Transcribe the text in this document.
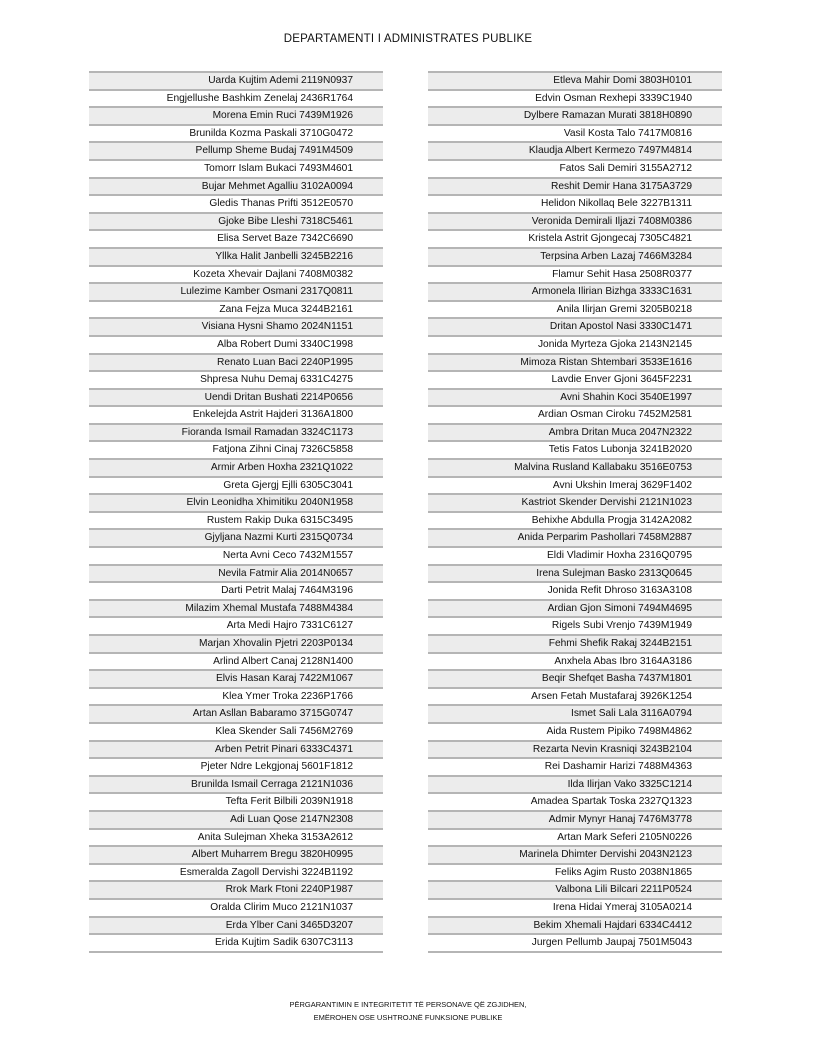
DEPARTAMENTI I ADMINISTRATES PUBLIKE
Uarda Kujtim Ademi 2119N0937
Engjellushe Bashkim Zenelaj 2436R1764
Morena Emin Ruci 7439M1926
Brunilda Kozma Paskali 3710G0472
Pellump Sheme Budaj 7491M4509
Tomorr Islam Bukaci 7493M4601
Bujar Mehmet Agalliu 3102A0094
Gledis Thanas Prifti 3512E0570
Gjoke Bibe Lleshi 7318C5461
Elisa Servet Baze 7342C6690
Yllka Halit Janbelli 3245B2216
Kozeta Xhevair Dajlani 7408M0382
Lulezime Kamber Osmani 2317Q0811
Zana Fejza Muca 3244B2161
Visiana Hysni Shamo 2024N1151
Alba Robert Dumi 3340C1998
Renato Luan Baci 2240P1995
Shpresa Nuhu Demaj 6331C4275
Uendi Dritan Bushati 2214P0656
Enkelejda Astrit Hajderi 3136A1800
Fioranda Ismail Ramadan 3324C1173
Fatjona Zihni Cinaj 7326C5858
Armir Arben Hoxha 2321Q1022
Greta Gjergj Ejlli 6305C3041
Elvin Leonidha Xhimitiku 2040N1958
Rustem Rakip Duka 6315C3495
Gjyljana Nazmi Kurti 2315Q0734
Nerta Avni Ceco 7432M1557
Nevila Fatmir Alia 2014N0657
Darti Petrit Malaj 7464M3196
Milazim Xhemal Mustafa 7488M4384
Arta Medi Hajro 7331C6127
Marjan Xhovalin Pjetri 2203P0134
Arlind Albert Canaj 2128N1400
Elvis Hasan Karaj 7422M1067
Klea Ymer Troka 2236P1766
Artan Asllan Babaramo 3715G0747
Klea Skender Sali 7456M2769
Arben Petrit Pinari 6333C4371
Pjeter Ndre Lekgjonaj 5601F1812
Brunilda Ismail Cerraga 2121N1036
Tefta Ferit Bilbili 2039N1918
Adi Luan Qose 2147N2308
Anita Sulejman Xheka 3153A2612
Albert Muharrem Bregu 3820H0995
Esmeralda Zagoll Dervishi 3224B1192
Rrok Mark Ftoni 2240P1987
Oralda Clirim Muco 2121N1037
Erda Ylber Cani 3465D3207
Erida Kujtim Sadik 6307C3113
Etleva Mahir Domi 3803H0101
Edvin Osman Rexhepi 3339C1940
Dylbere Ramazan Murati 3818H0890
Vasil Kosta Talo 7417M0816
Klaudja Albert Kermezo 7497M4814
Fatos Sali Demiri 3155A2712
Reshit Demir Hana 3175A3729
Helidon Nikollaq Bele 3227B1311
Veronida Demirali Iljazi 7408M0386
Kristela Astrit Gjongecaj 7305C4821
Terpsina Arben Lazaj 7466M3284
Flamur Sehit Hasa 2508R0377
Armonela Ilirian Bizhga 3333C1631
Anila Ilirjan Gremi 3205B0218
Dritan Apostol Nasi 3330C1471
Jonida Myrteza Gjoka 2143N2145
Mimoza Ristan Shtembari 3533E1616
Lavdie Enver Gjoni 3645F2231
Avni Shahin Koci 3540E1997
Ardian Osman Ciroku 7452M2581
Ambra Dritan Muca 2047N2322
Tetis Fatos Lubonja 3241B2020
Malvina Rusland Kallabaku 3516E0753
Avni Ukshin Imeraj 3629F1402
Kastriot Skender Dervishi 2121N1023
Behixhe Abdulla Progja 3142A2082
Anida Perparim Pashollari 7458M2887
Eldi Vladimir Hoxha 2316Q0795
Irena Sulejman Basko 2313Q0645
Jonida Refit Dhroso 3163A3108
Ardian Gjon Simoni 7494M4695
Rigels Subi Vrenjo 7439M1949
Fehmi Shefik Rakaj 3244B2151
Anxhela Abas Ibro 3164A3186
Beqir Shefqet Basha 7437M1801
Arsen Fetah Mustafaraj 3926K1254
Ismet Sali Lala 3116A0794
Aida Rustem Pipiko 7498M4862
Rezarta Nevin Krasniqi 3243B2104
Rei Dashamir Harizi 7488M4363
Ilda Ilirjan Vako 3325C1214
Amadea Spartak Toska 2327Q1323
Admir Mynyr Hanaj 7476M3778
Artan Mark Seferi 2105N0226
Marinela Dhimter Dervishi 2043N2123
Feliks Agim Rusto 2038N1865
Valbona Lili Bilcari 2211P0524
Irena Hidai Ymeraj 3105A0214
Bekim Xhemali Hajdari 6334C4412
Jurgen Pellumb Jaupaj 7501M5043
PËRGARANTIMIN E INTEGRITETIT TË PERSONAVE QË ZGJIDHEN,
EMËROHEN OSE USHTROJNË FUNKSIONE PUBLIKE
